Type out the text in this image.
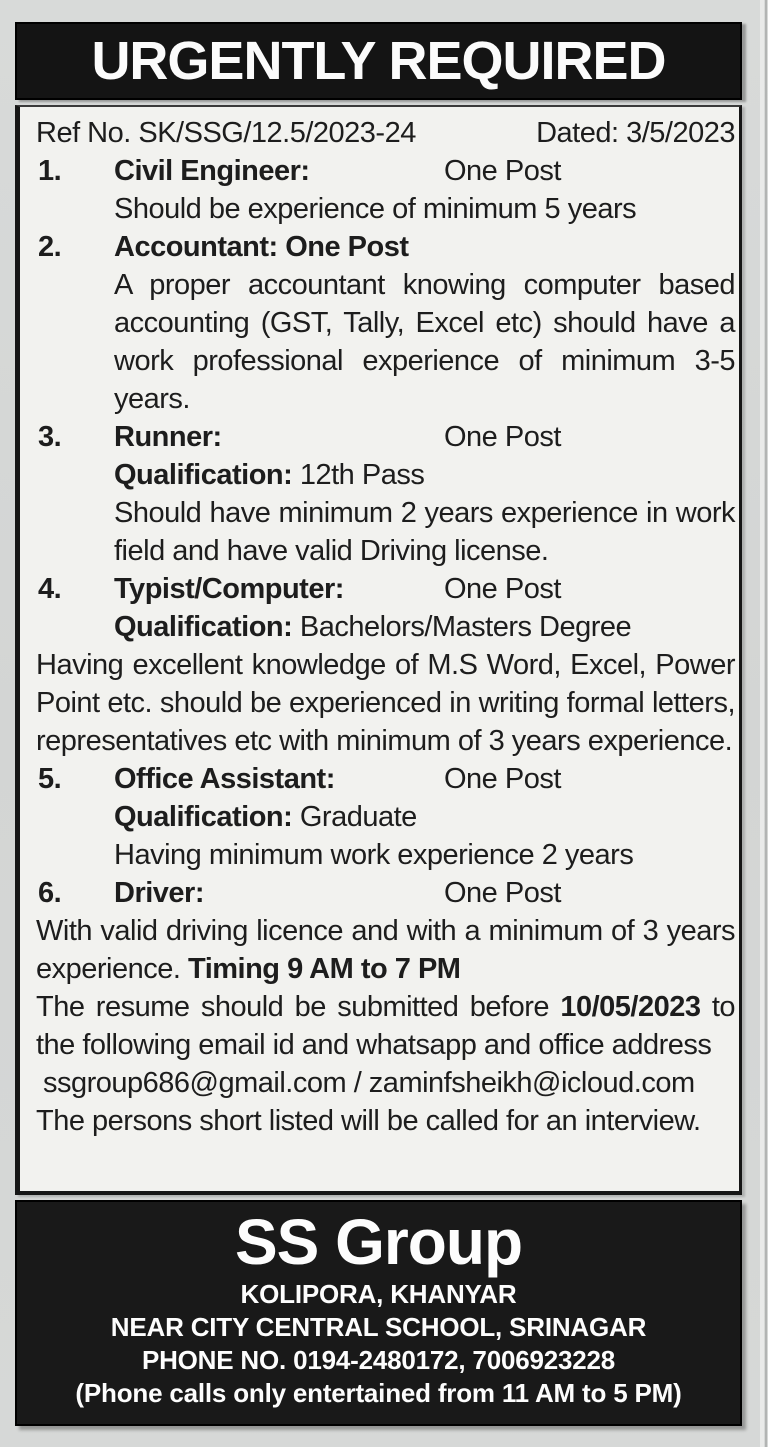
URGENTLY REQUIRED
Ref No. SK/SSG/12.5/2023-24	Dated: 3/5/2023
1. Civil Engineer:	One Post
Should be experience of minimum 5 years
2. Accountant: One Post
A proper accountant knowing computer based accounting (GST, Tally, Excel etc) should have a work professional experience of minimum 3-5 years.
3. Runner:	One Post
Qualification: 12th Pass
Should have minimum 2 years experience in work field and have valid Driving license.
4. Typist/Computer:	One Post
Qualification: Bachelors/Masters Degree
Having excellent knowledge of M.S Word, Excel, Power Point etc. should be experienced in writing formal letters, representatives etc with minimum of 3 years experience.
5. Office Assistant:	One Post
Qualification: Graduate
Having minimum work experience 2 years
6. Driver:	One Post
With valid driving licence and with a minimum of 3 years experience. Timing 9 AM to 7 PM
The resume should be submitted before 10/05/2023 to the following email id and whatsapp and office address
ssgroup686@gmail.com / zaminfsheikh@icloud.com
The persons short listed will be called for an interview.
SS Group
KOLIPORA, KHANYAR
NEAR CITY CENTRAL SCHOOL, SRINAGAR
PHONE NO. 0194-2480172, 7006923228
(Phone calls only entertained from 11 AM to 5 PM)
